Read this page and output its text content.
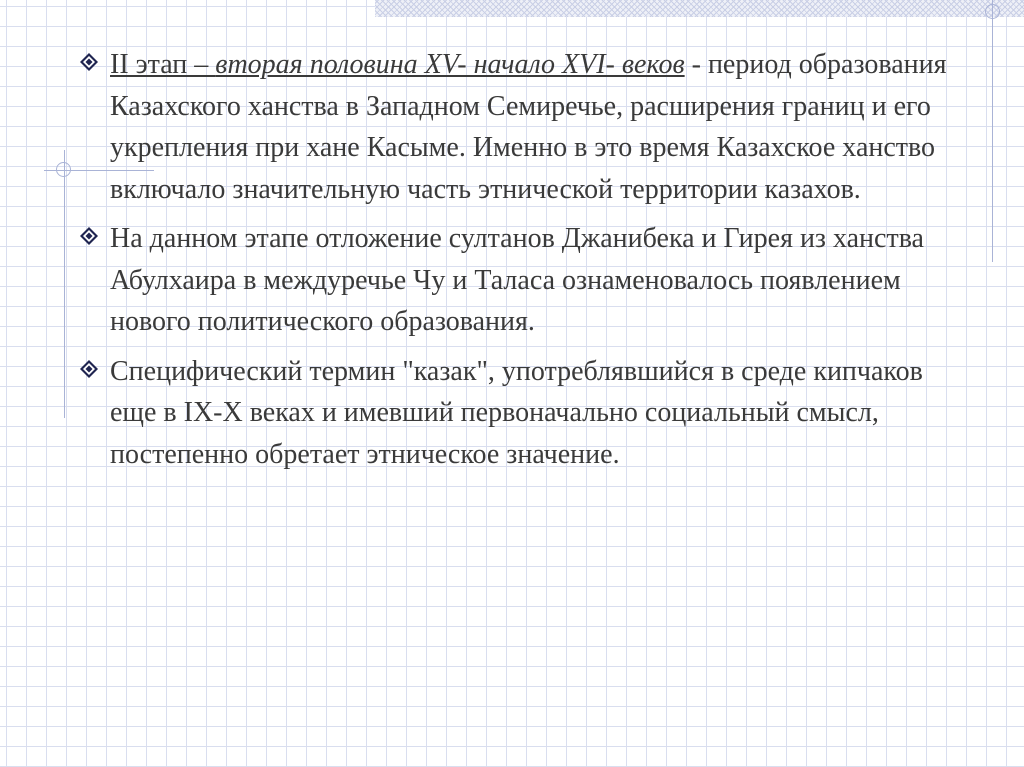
II этап – вторая половина XV- начало XVI- веков - период образования Казахского ханства в Западном Семиречье, расширения границ и его укрепления при хане Касыме. Именно в это время Казахское ханство включало значительную часть этнической территории казахов.
На данном этапе отложение султанов Джанибека и Гирея из ханства Абулхаира в междуречье Чу и Таласа ознаменовалось появлением нового политического образования.
Специфический термин "казак", употреблявшийся в среде кипчаков еще в IX-X веках и имевший первоначально социальный смысл, постепенно обретает этническое значение.
